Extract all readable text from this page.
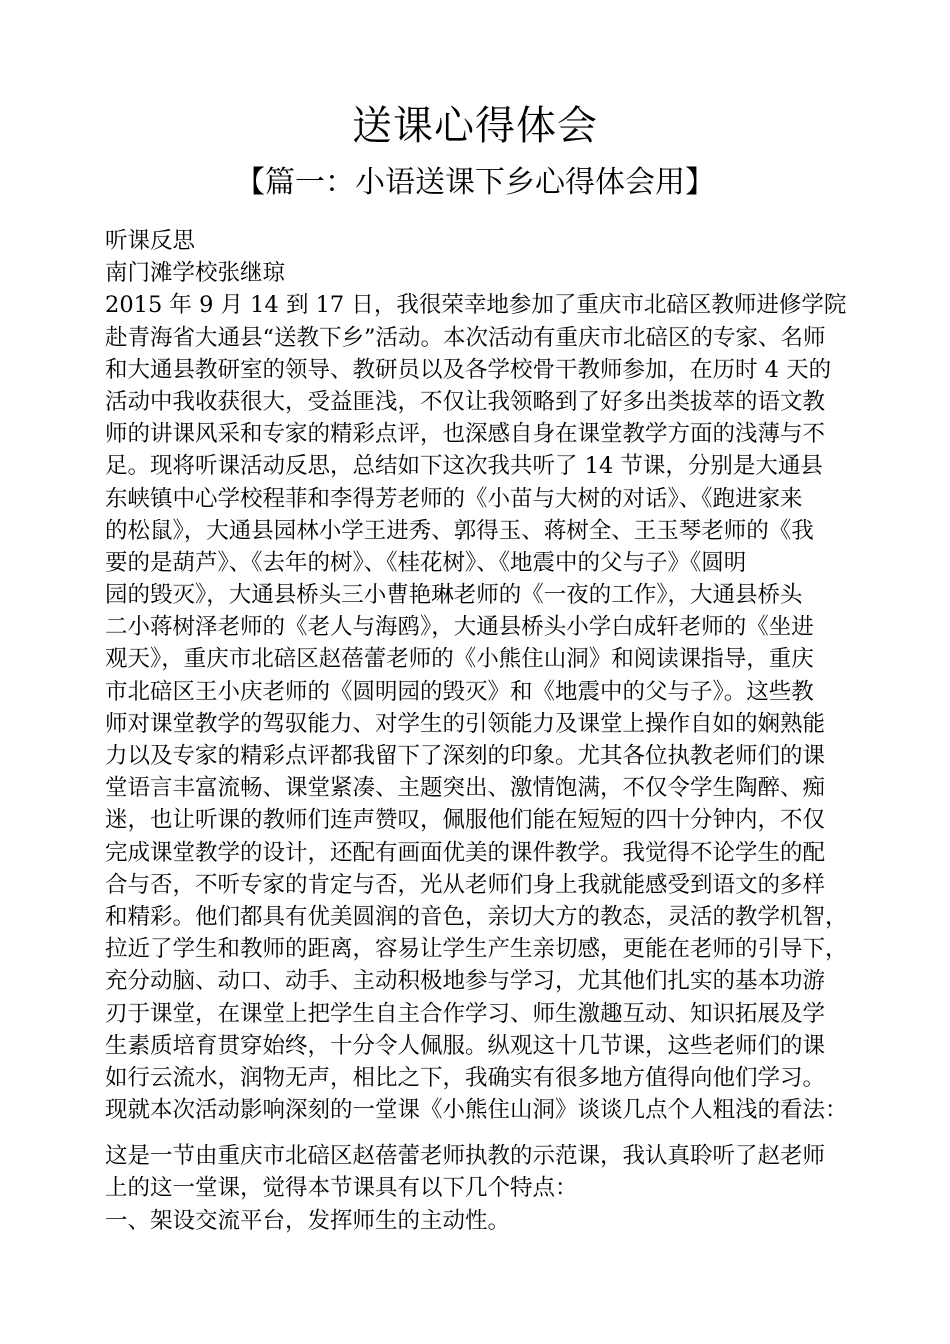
送课心得体会
【篇一：小语送课下乡心得体会用】
听课反思
南门滩学校张继琼
2015 年 9 月 14 到 17 日，我很荣幸地参加了重庆市北碚区教师进修学院
赴青海省大通县“送教下乡”活动。本次活动有重庆市北碚区的专家、名师
和大通县教研室的领导、教研员以及各学校骨干教师参加，在历时 4 天的
活动中我收获很大，受益匪浅，不仅让我领略到了好多出类拔萃的语文教
师的讲课风采和专家的精彩点评，也深感自身在课堂教学方面的浅薄与不
足。现将听课活动反思，总结如下这次我共听了 14 节课，分别是大通县
东峡镇中心学校程菲和李得芳老师的《小苗与大树的对话》、《跑进家来
的松鼠》，大通县园林小学王进秀、郭得玉、蒋树全、王玉琴老师的《我
要的是葫芦》、《去年的树》、《桂花树》、《地震中的父与子》《圆明
园的毁灭》，大通县桥头三小曹艳琳老师的《一夜的工作》，大通县桥头
二小蒋树泽老师的《老人与海鸥》，大通县桥头小学白成轩老师的《坐进
观天》，重庆市北碚区赵蓓蕾老师的《小熊住山洞》和阅读课指导，重庆
市北碚区王小庆老师的《圆明园的毁灭》和《地震中的父与子》。这些教
师对课堂教学的驾驭能力、对学生的引领能力及课堂上操作自如的娴熟能
力以及专家的精彩点评都我留下了深刻的印象。尤其各位执教老师们的课
堂语言丰富流畅、课堂紧凑、主题突出、激情饱满，不仅令学生陶醉、痴
迷，也让听课的教师们连声赞叹，佩服他们能在短短的四十分钟内，不仅
完成课堂教学的设计，还配有画面优美的课件教学。我觉得不论学生的配
合与否，不听专家的肯定与否，光从老师们身上我就能感受到语文的多样
和精彩。他们都具有优美圆润的音色，亲切大方的教态，灵活的教学机智，
拉近了学生和教师的距离，容易让学生产生亲切感，更能在老师的引导下，
充分动脑、动口、动手、主动积极地参与学习，尤其他们扎实的基本功游
刃于课堂，在课堂上把学生自主合作学习、师生激趣互动、知识拓展及学
生素质培育贯穿始终，十分令人佩服。纵观这十几节课，这些老师们的课
如行云流水，润物无声，相比之下，我确实有很多地方值得向他们学习。
现就本次活动影响深刻的一堂课《小熊住山洞》谈谈几点个人粗浅的看法：
这是一节由重庆市北碚区赵蓓蕾老师执教的示范课，我认真聆听了赵老师
上的这一堂课，觉得本节课具有以下几个特点：
一、架设交流平台，发挥师生的主动性。
